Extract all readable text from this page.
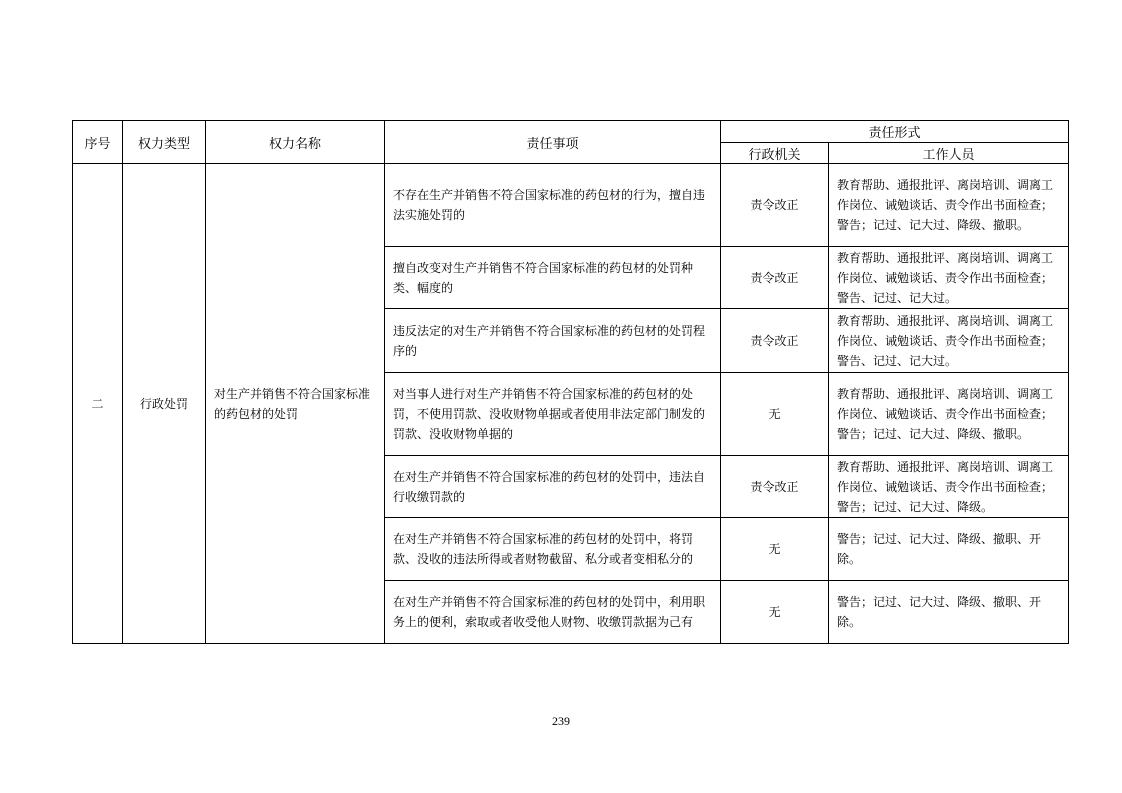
序号	权力类型	权力名称	责任事项	责任形式	
				行政机关	工作人员
二	行政处罚	对生产并销售不符合国家标准的药包材的处罚	不存在生产并销售不符合国家标准的药包材的行为，擅自违法实施处罚的	责令改正	教育帮助、通报批评、离岗培训、调离工作岗位、诫勉谈话、责令作出书面检查；警告；记过、记大过、降级、撤职。
			擅自改变对生产并销售不符合国家标准的药包材的处罚种类、幅度的	责令改正	教育帮助、通报批评、离岗培训、调离工作岗位、诫勉谈话、责令作出书面检查；警告、记过、记大过。
			违反法定的对生产并销售不符合国家标准的药包材的处罚程序的	责令改正	教育帮助、通报批评、离岗培训、调离工作岗位、诫勉谈话、责令作出书面检查；警告、记过、记大过。
			对当事人进行对生产并销售不符合国家标准的药包材的处罚，不使用罚款、没收财物单据或者使用非法定部门制发的罚款、没收财物单据的	无	教育帮助、通报批评、离岗培训、调离工作岗位、诫勉谈话、责令作出书面检查；警告；记过、记大过、降级、撤职。
			在对生产并销售不符合国家标准的药包材的处罚中，违法自行收缴罚款的	责令改正	教育帮助、通报批评、离岗培训、调离工作岗位、诫勉谈话、责令作出书面检查；警告；记过、记大过、降级。
			在对生产并销售不符合国家标准的药包材的处罚中，将罚款、没收的违法所得或者财物截留、私分或者变相私分的	无	警告；记过、记大过、降级、撤职、开除。
			在对生产并销售不符合国家标准的药包材的处罚中，利用职务上的便利，索取或者收受他人财物、收缴罚款据为己有	无	警告；记过、记大过、降级、撤职、开除。
239
